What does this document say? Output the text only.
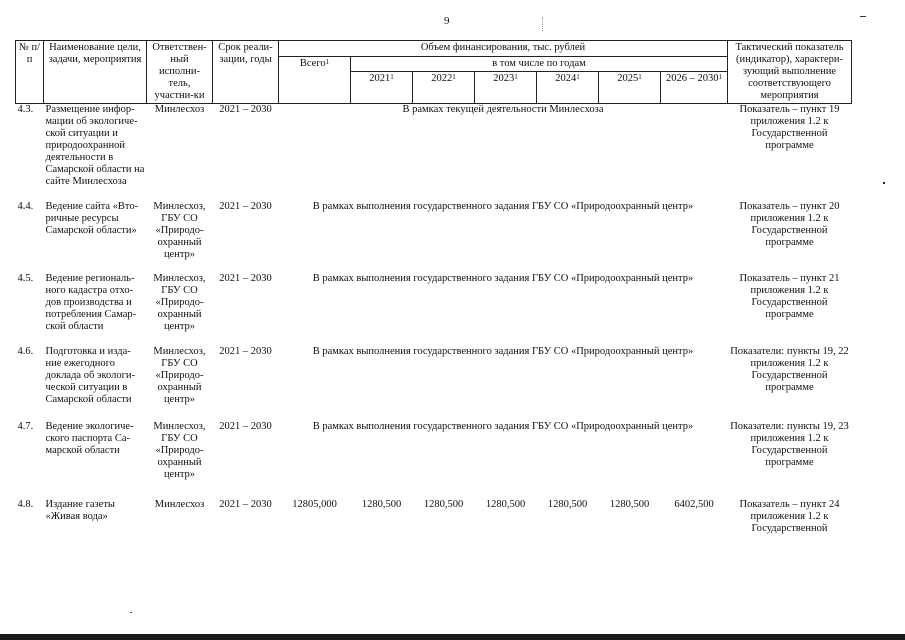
9
№ п/п	Наименование цели, задачи, мероприятия	Ответствен-ный исполни-тель, участни-ки	Срок реали-зации, годы	Объем финансирования, тыс. рублей							Тактический показатель (индикатор), характери-зующий выполнение соответствующего мероприятия
				Всего$^1$	в том числе по годам						
					2021$^1$	2022$^1$	2023$^1$	2024$^1$	2025$^1$	2026 – 2030$^1$

4.3.	Размещение инфор-мации об экологиче-ской ситуации и природоохранной деятельности в Самарской области на сайте Минлесхоза	Минлесхоз	2021 – 2030	В рамках текущей деятельности Минлесхоза							Показатель – пункт 19 приложения 1.2 к Государственной программе
4.4.	Ведение сайта «Вто-ричные ресурсы Самарской области»	Минлесхоз, ГБУ СО «Природо-охранный центр»	2021 – 2030	В рамках выполнения государственного задания ГБУ СО «Природоохранный центр»							Показатель – пункт 20 приложения 1.2 к Государственной программе
4.5.	Ведение региональ-ного кадастра отхо-дов производства и потребления Самар-ской области	Минлесхоз, ГБУ СО «Природо-охранный центр»	2021 – 2030	В рамках выполнения государственного задания ГБУ СО «Природоохранный центр»							Показатель – пункт 21 приложения 1.2 к Государственной программе
4.6.	Подготовка и изда-ние ежегодного доклада об экологи-ческой ситуации в Самарской области	Минлесхоз, ГБУ СО «Природо-охранный центр»	2021 – 2030	В рамках выполнения государственного задания ГБУ СО «Природоохранный центр»							Показатели: пункты 19, 22 приложения 1.2 к Государственной программе
4.7.	Ведение экологиче-ского паспорта Са-марской области	Минлесхоз, ГБУ СО «Природо-охранный центр»	2021 – 2030	В рамках выполнения государственного задания ГБУ СО «Природоохранный центр»							Показатели: пункты 19, 23 приложения 1.2 к Государственной программе
4.8.	Издание газеты «Живая вода»	Минлесхоз	2021 – 2030	12805,000	1280,500	1280,500	1280,500	1280,500	1280,500	6402,500	Показатель – пункт 24 приложения 1.2 к Государственной
